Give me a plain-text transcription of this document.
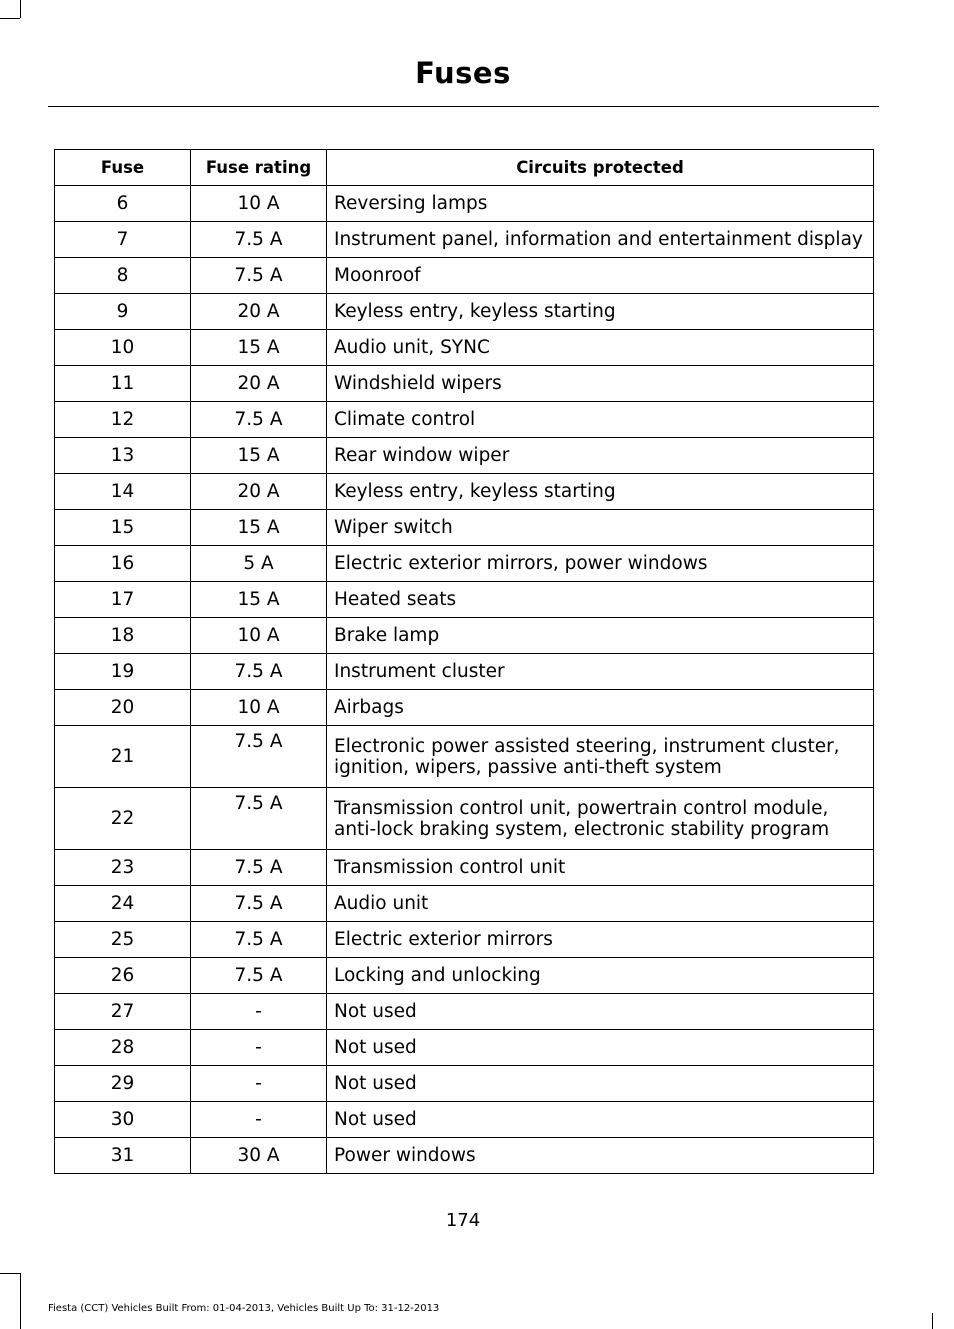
Fuses
Fuse	Fuse rating	Circuits protected
6	10 A	Reversing lamps
7	7.5 A	Instrument panel, information and entertainment display
8	7.5 A	Moonroof
9	20 A	Keyless entry, keyless starting
10	15 A	Audio unit, SYNC
11	20 A	Windshield wipers
12	7.5 A	Climate control
13	15 A	Rear window wiper
14	20 A	Keyless entry, keyless starting
15	15 A	Wiper switch
16	5 A	Electric exterior mirrors, power windows
17	15 A	Heated seats
18	10 A	Brake lamp
19	7.5 A	Instrument cluster
20	10 A	Airbags
21	7.5 A	Electronic power assisted steering, instrument cluster, ignition, wipers, passive anti-theft system
22	7.5 A	Transmission control unit, powertrain control module, anti-lock braking system, electronic stability program
23	7.5 A	Transmission control unit
24	7.5 A	Audio unit
25	7.5 A	Electric exterior mirrors
26	7.5 A	Locking and unlocking
27	-	Not used
28	-	Not used
29	-	Not used
30	-	Not used
31	30 A	Power windows
174
Fiesta (CCT) Vehicles Built From: 01-04-2013, Vehicles Built Up To: 31-12-2013
